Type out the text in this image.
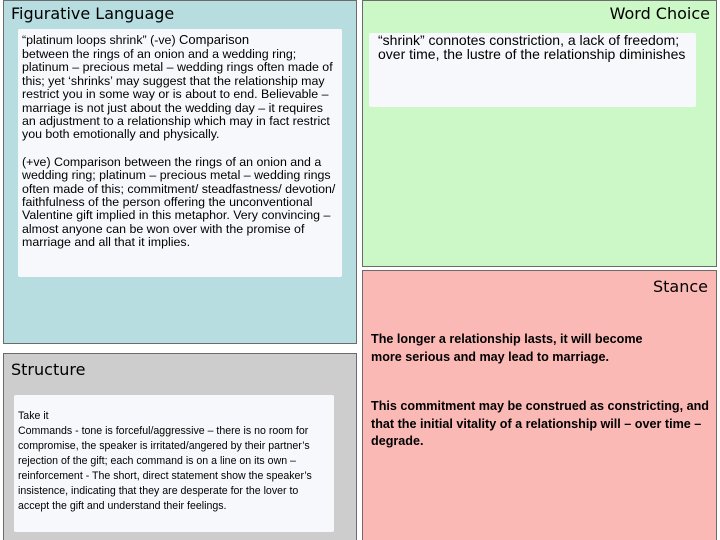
Figurative Language

“platinum loops shrink” (-ve) Comparison

between the rings of an onion and a wedding ring; platinum – precious metal – wedding rings often made of this; yet ‘shrinks’ may suggest that the relationship may restrict you in some way or is about to end. Believable – marriage is not just about the wedding day – it requires an adjustment to a relationship which may in fact restrict you both emotionally and physically.

(+ve) Comparison between the rings of an onion and a wedding ring; platinum – precious metal – wedding rings often made of this; commitment/ steadfastness/ devotion/ faithfulness of the person offering the unconventional Valentine gift implied in this metaphor. Very convincing – almost anyone can be won over with the promise of marriage and all that it implies.

Word Choice

“shrink” connotes constriction, a lack of freedom; over time, the lustre of the relationship diminishes

Stance

The longer a relationship lasts, it will become more serious and may lead to marriage.

This commitment may be construed as constricting, and that the initial vitality of a relationship will – over time –degrade.

Structure

Take it

Commands - tone is forceful/aggressive – there is no room for compromise, the speaker is irritated/angered by their partner’s rejection of the gift; each command is on a line on its own – reinforcement - The short, direct statement show the speaker’s insistence, indicating that they are desperate for the lover to accept the gift and understand their feelings.
